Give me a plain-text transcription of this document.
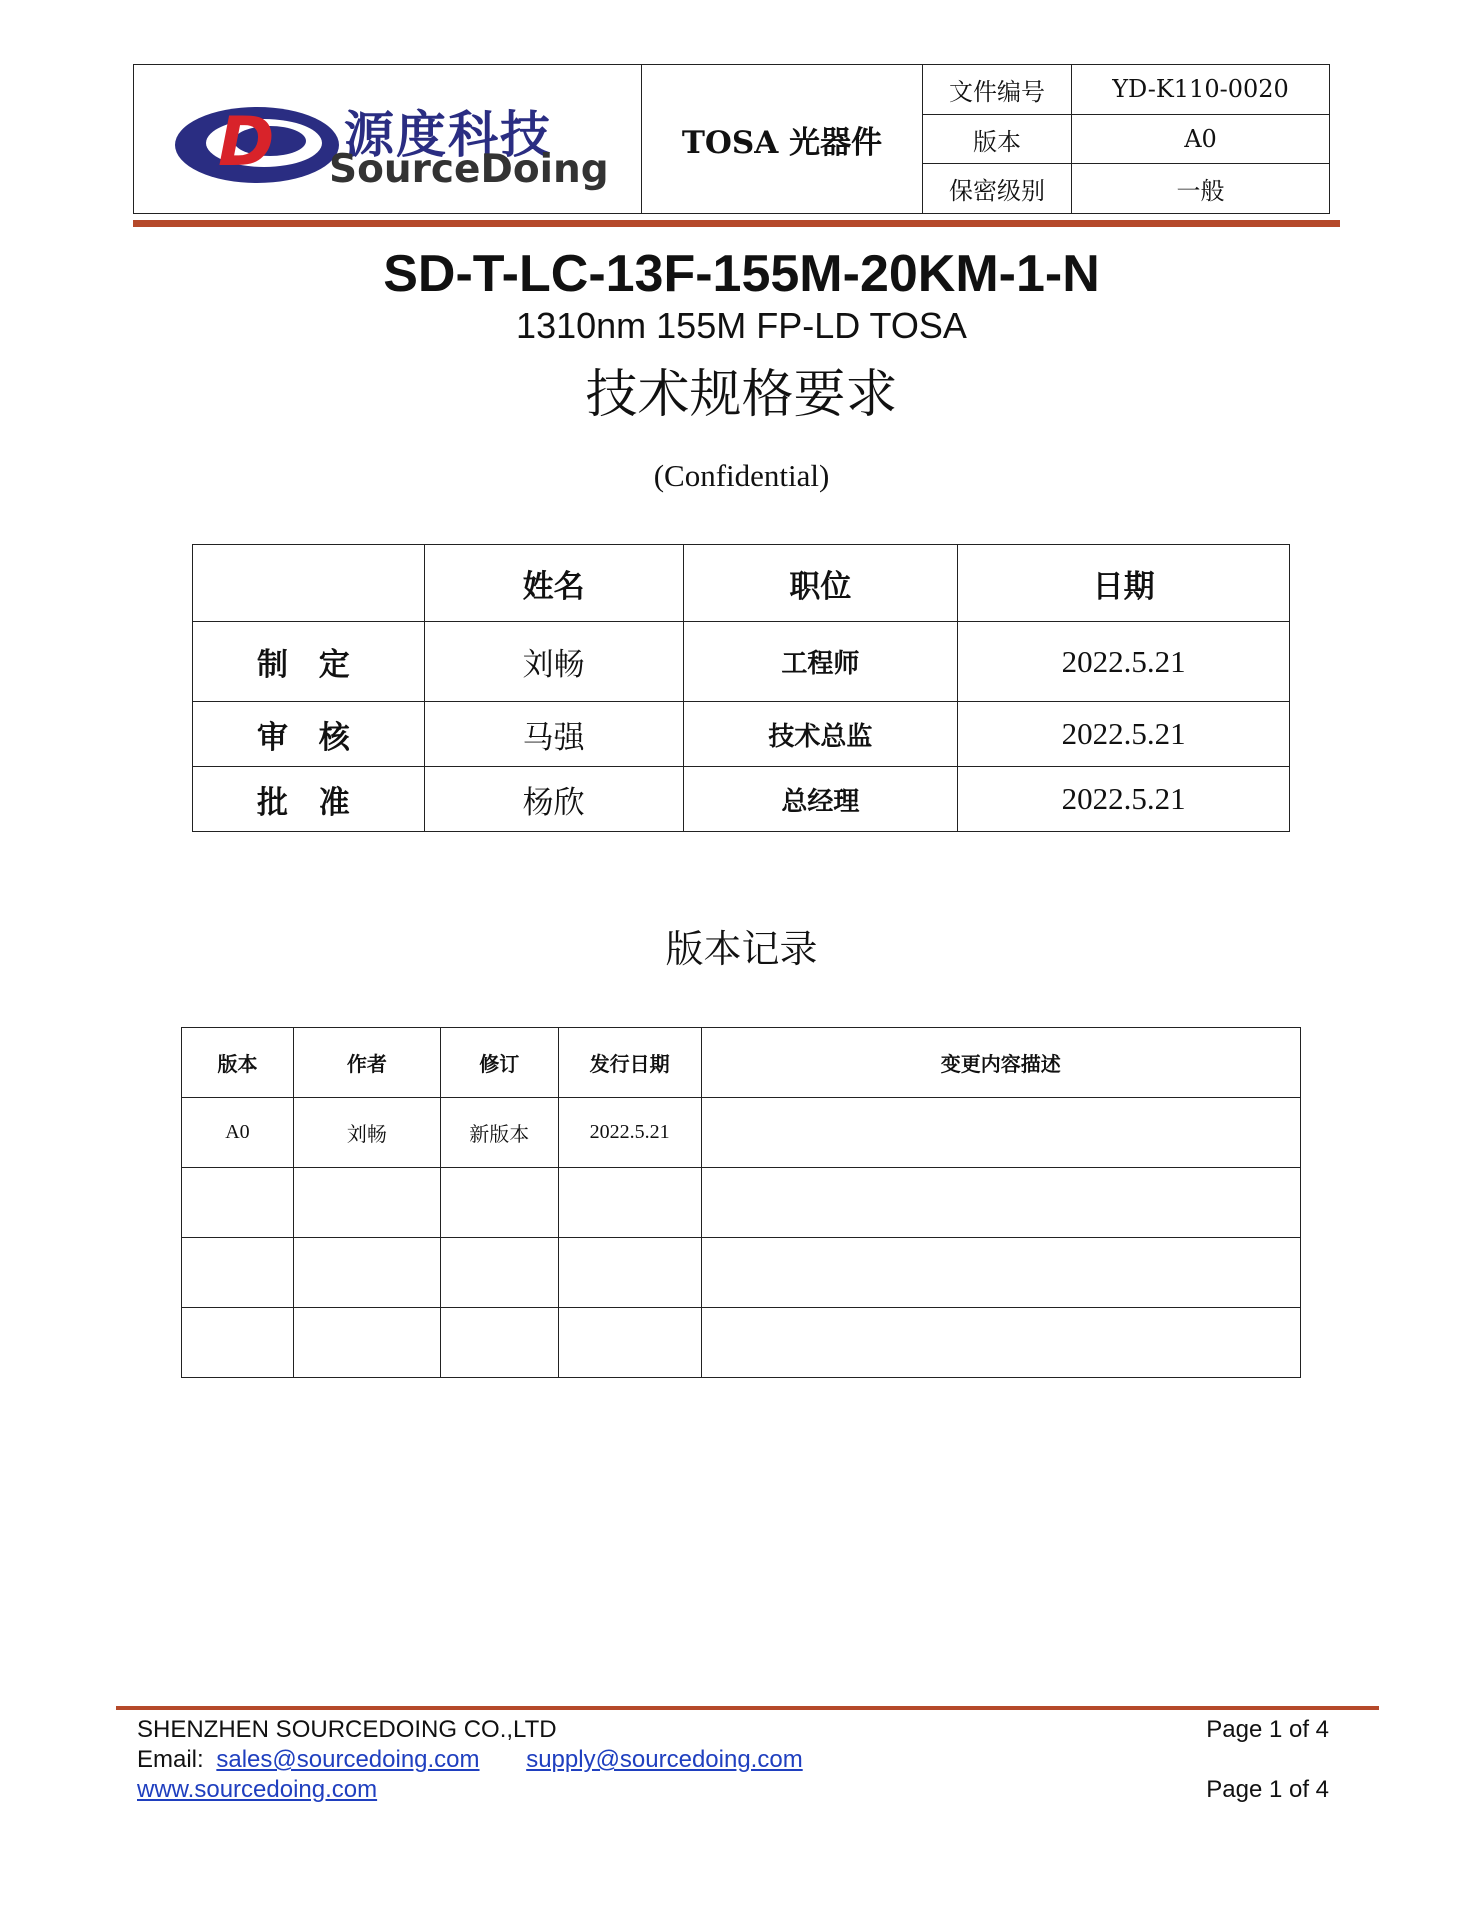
D 源度科技
SourceDoing
TOSA 光器件
文件编号	YD-K110-0020
版本	A0
保密级别	一般
SD-T-LC-13F-155M-20KM-1-N
1310nm 155M FP-LD TOSA
技术规格要求
(Confidential)
	姓名	职位	日期
制 定	刘畅	工程师	2022.5.21
审 核	马强	技术总监	2022.5.21
批 准	杨欣	总经理	2022.5.21
版本记录
版本	作者	修订	发行日期	变更内容描述
A0	刘畅	新版本	2022.5.21	

SHENZHEN SOURCEDOING CO.,LTD	Page 1 of 4
Email: sales@sourcedoing.com supply@sourcedoing.com
www.sourcedoing.com	Page 1 of 4
